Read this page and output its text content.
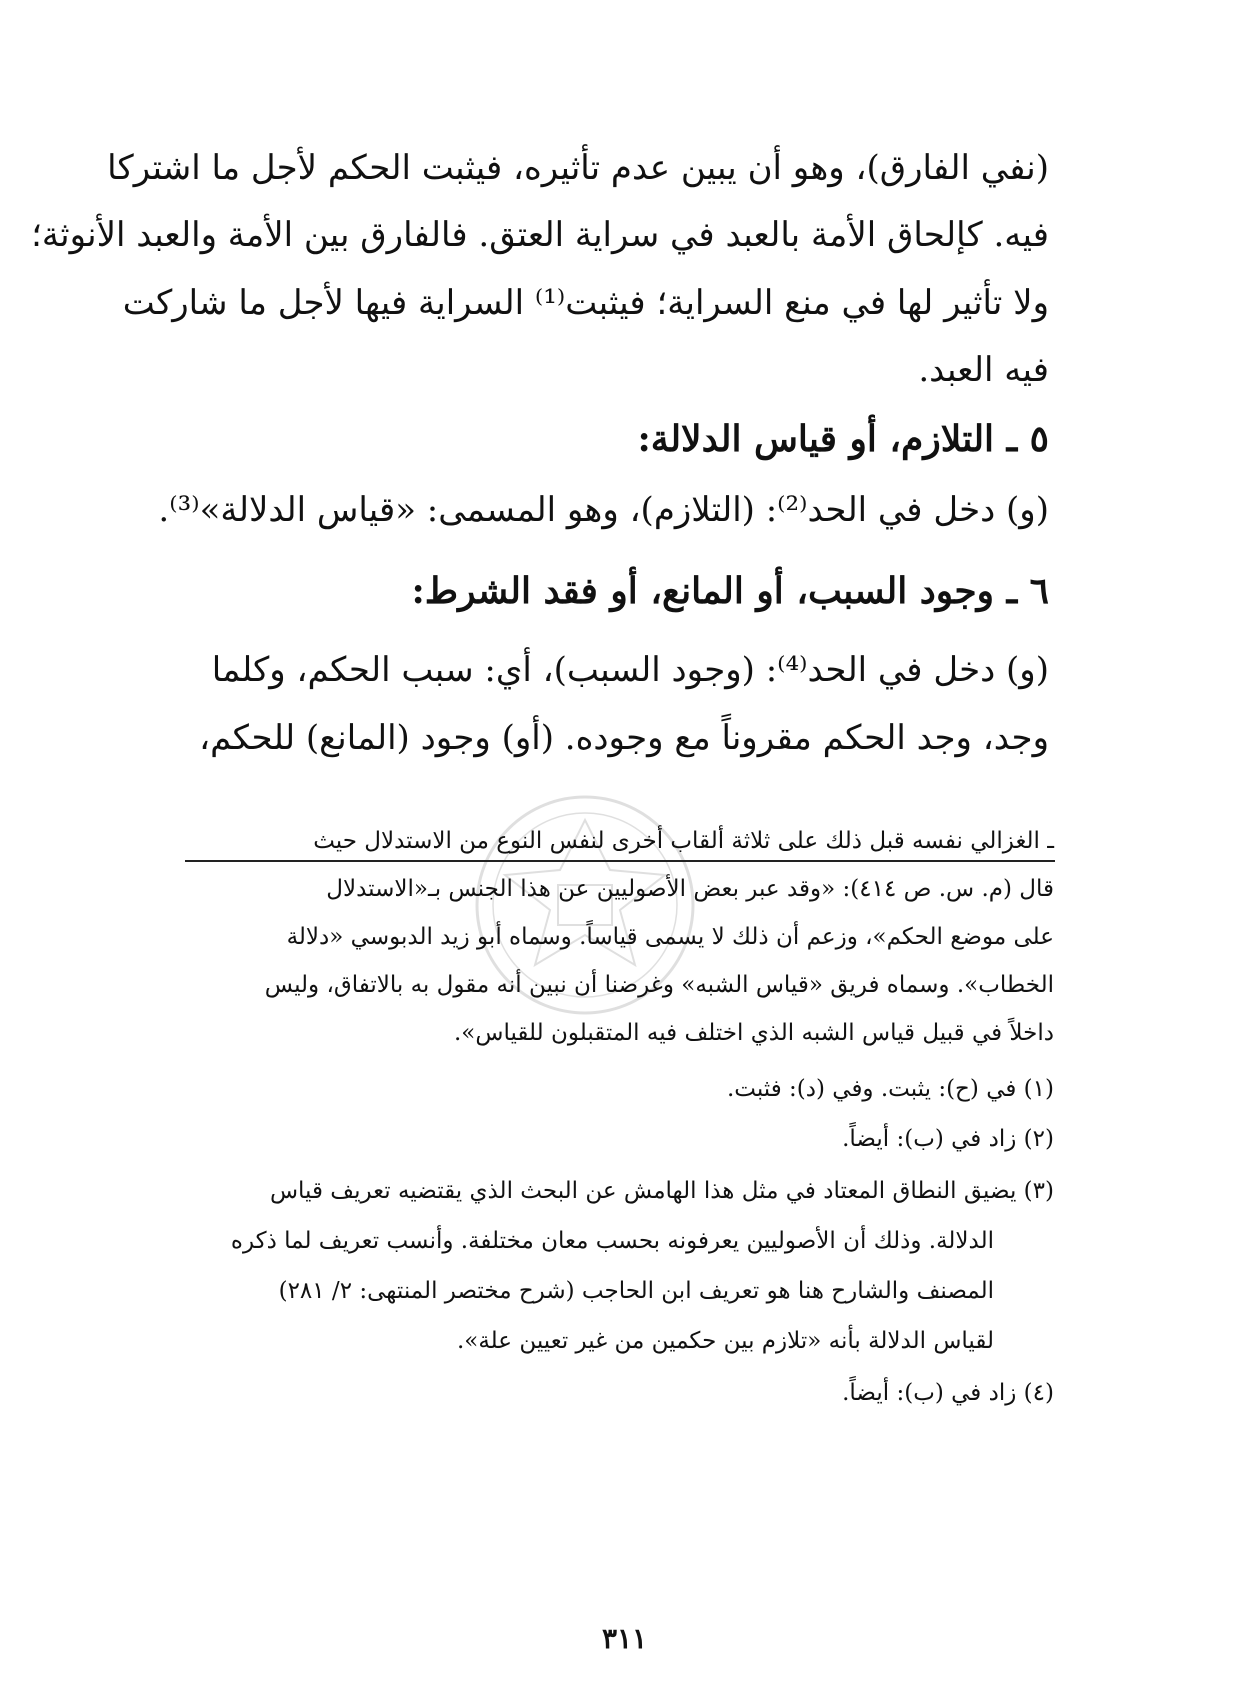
(نفي الفارق)، وهو أن يبين عدم تأثيره، فيثبت الحكم لأجل ما اشتركا
فيه. كإلحاق الأمة بالعبد في سراية العتق. فالفارق بين الأمة والعبد الأنوثة؛
ولا تأثير لها في منع السراية؛ فيثبت⁽¹⁾ السراية فيها لأجل ما شاركت
فيه العبد.
٥ ـ التلازم، أو قياس الدلالة:
(و) دخل في الحد⁽²⁾: (التلازم)، وهو المسمى: «قياس الدلالة»⁽³⁾.
٦ ـ وجود السبب، أو المانع، أو فقد الشرط:
(و) دخل في الحد⁽⁴⁾: (وجود السبب)، أي: سبب الحكم، وكلما
وجد، وجد الحكم مقروناً مع وجوده. (أو) وجود (المانع) للحكم،
ـ الغزالي نفسه قبل ذلك على ثلاثة ألقاب أخرى لنفس النوع من الاستدلال حيث
قال (م. س. ص ٤١٤): «وقد عبر بعض الأصوليين عن هذا الجنس بـ«الاستدلال
على موضع الحكم»، وزعم أن ذلك لا يسمى قياساً. وسماه أبو زيد الدبوسي «دلالة
الخطاب». وسماه فريق «قياس الشبه» وغرضنا أن نبين أنه مقول به بالاتفاق، وليس
داخلاً في قبيل قياس الشبه الذي اختلف فيه المتقبلون للقياس».
(١) في (ح): يثبت. وفي (د): فثبت.
(٢) زاد في (ب): أيضاً.
(٣) يضيق النطاق المعتاد في مثل هذا الهامش عن البحث الذي يقتضيه تعريف قياس
الدلالة. وذلك أن الأصوليين يعرفونه بحسب معان مختلفة. وأنسب تعريف لما ذكره
المصنف والشارح هنا هو تعريف ابن الحاجب (شرح مختصر المنتهى: ٢/ ٢٨١)
لقياس الدلالة بأنه «تلازم بين حكمين من غير تعيين علة».
(٤) زاد في (ب): أيضاً.
٣١١
